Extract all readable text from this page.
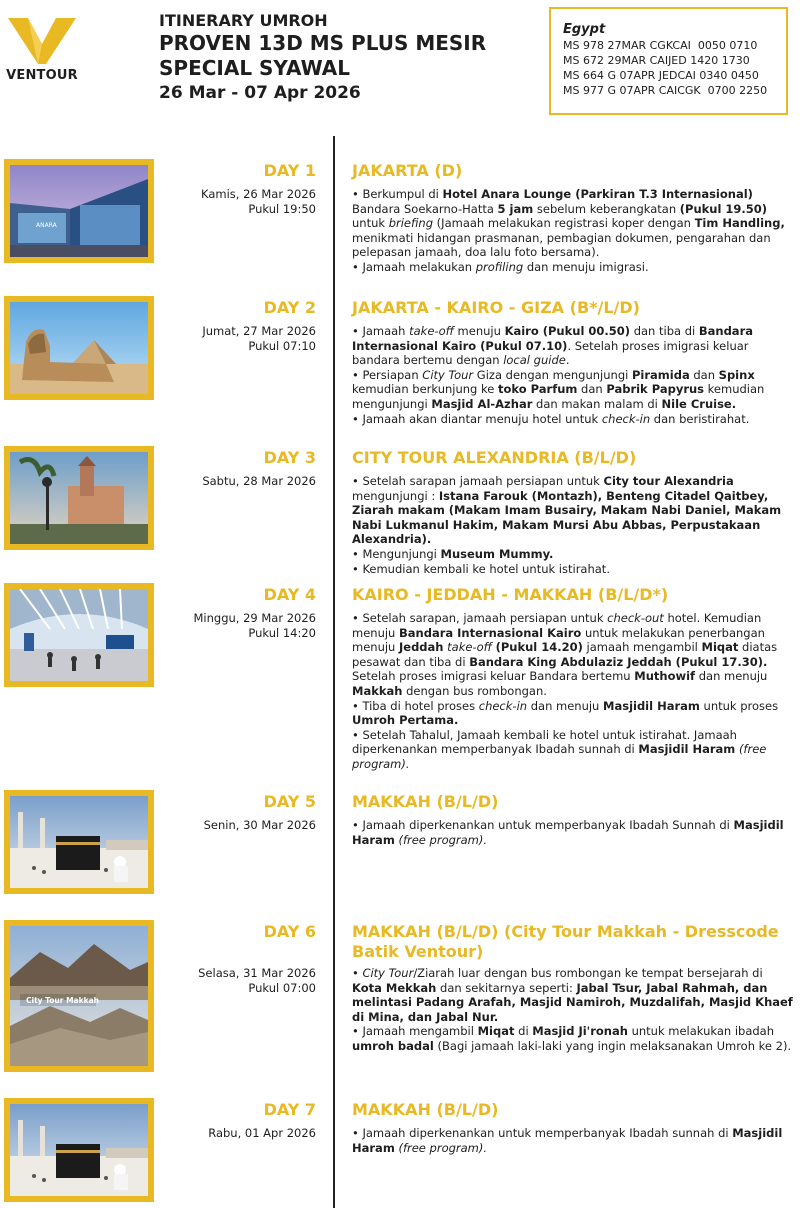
VENTOUR
ITINERARY UMROH
PROVEN 13D MS PLUS MESIR
SPECIAL SYAWAL
26 Mar - 07 Apr 2026
Egypt
MS 978 27MAR CGKCAI  0050 0710
MS 672 29MAR CAIJED 1420 1730
MS 664 G 07APR JEDCAI 0340 0450
MS 977 G 07APR CAICGK  0700 2250
ANARA
DAY 1
Kamis, 26 Mar 2026
Pukul 19:50
JAKARTA (D)

• Berkumpul di Hotel Anara Lounge (Parkiran T.3 Internasional) Bandara Soekarno-Hatta 5 jam sebelum keberangkatan (Pukul 19.50) untuk briefing (Jamaah melakukan registrasi koper dengan Tim Handling, menikmati hidangan prasmanan, pembagian dokumen, pengarahan dan pelepasan jamaah, doa lalu foto bersama).

• Jamaah melakukan profiling dan menuju imigrasi.

DAY 2
Jumat, 27 Mar 2026
Pukul 07:10
JAKARTA - KAIRO - GIZA (B*/L/D)

• Jamaah take-off menuju Kairo (Pukul 00.50) dan tiba di Bandara Internasional Kairo (Pukul 07.10). Setelah proses imigrasi keluar bandara bertemu dengan local guide.

• Persiapan City Tour Giza dengan mengunjungi Piramida dan Spinx kemudian berkunjung ke toko Parfum dan Pabrik Papyrus kemudian mengunjungi Masjid Al-Azhar dan makan malam di Nile Cruise.

• Jamaah akan diantar menuju hotel untuk check-in dan beristirahat.

DAY 3
Sabtu, 28 Mar 2026
CITY TOUR ALEXANDRIA (B/L/D)

• Setelah sarapan jamaah persiapan untuk City tour Alexandria mengunjungi : Istana Farouk (Montazh), Benteng Citadel Qaitbey, Ziarah makam (Makam Imam Busairy, Makam Nabi Daniel, Makam Nabi Lukmanul Hakim, Makam Mursi Abu Abbas, Perpustakaan Alexandria).

• Mengunjungi Museum Mummy.

• Kemudian kembali ke hotel untuk istirahat.

DAY 4
Minggu, 29 Mar 2026
Pukul 14:20
KAIRO - JEDDAH - MAKKAH (B/L/D*)

• Setelah sarapan, jamaah persiapan untuk check-out hotel. Kemudian menuju Bandara Internasional Kairo untuk melakukan penerbangan menuju Jeddah take-off (Pukul 14.20) jamaah mengambil Miqat diatas pesawat dan tiba di Bandara King Abdulaziz Jeddah (Pukul 17.30). Setelah proses imigrasi keluar Bandara bertemu Muthowif dan menuju Makkah dengan bus rombongan.

• Tiba di hotel proses check-in dan menuju Masjidil Haram untuk proses Umroh Pertama.

• Setelah Tahalul, Jamaah kembali ke hotel untuk istirahat. Jamaah diperkenankan memperbanyak Ibadah sunnah di Masjidil Haram (free program).

DAY 5
Senin, 30 Mar 2026
MAKKAH (B/L/D)

• Jamaah diperkenankan untuk memperbanyak Ibadah Sunnah di Masjidil Haram (free program).

City Tour Makkah
DAY 6
Selasa, 31 Mar 2026
Pukul 07:00
MAKKAH (B/L/D) (City Tour Makkah - Dresscode Batik Ventour)

• City Tour/Ziarah luar dengan bus rombongan ke tempat bersejarah di Kota Mekkah dan sekitarnya seperti: Jabal Tsur, Jabal Rahmah, dan melintasi Padang Arafah, Masjid Namiroh, Muzdalifah, Masjid Khaef di Mina, dan Jabal Nur.

• Jamaah mengambil Miqat di Masjid Ji'ronah untuk melakukan ibadah umroh badal (Bagi jamaah laki-laki yang ingin melaksanakan Umroh ke 2).

DAY 7
Rabu, 01 Apr 2026
MAKKAH (B/L/D)

• Jamaah diperkenankan untuk memperbanyak Ibadah sunnah di Masjidil Haram (free program).
